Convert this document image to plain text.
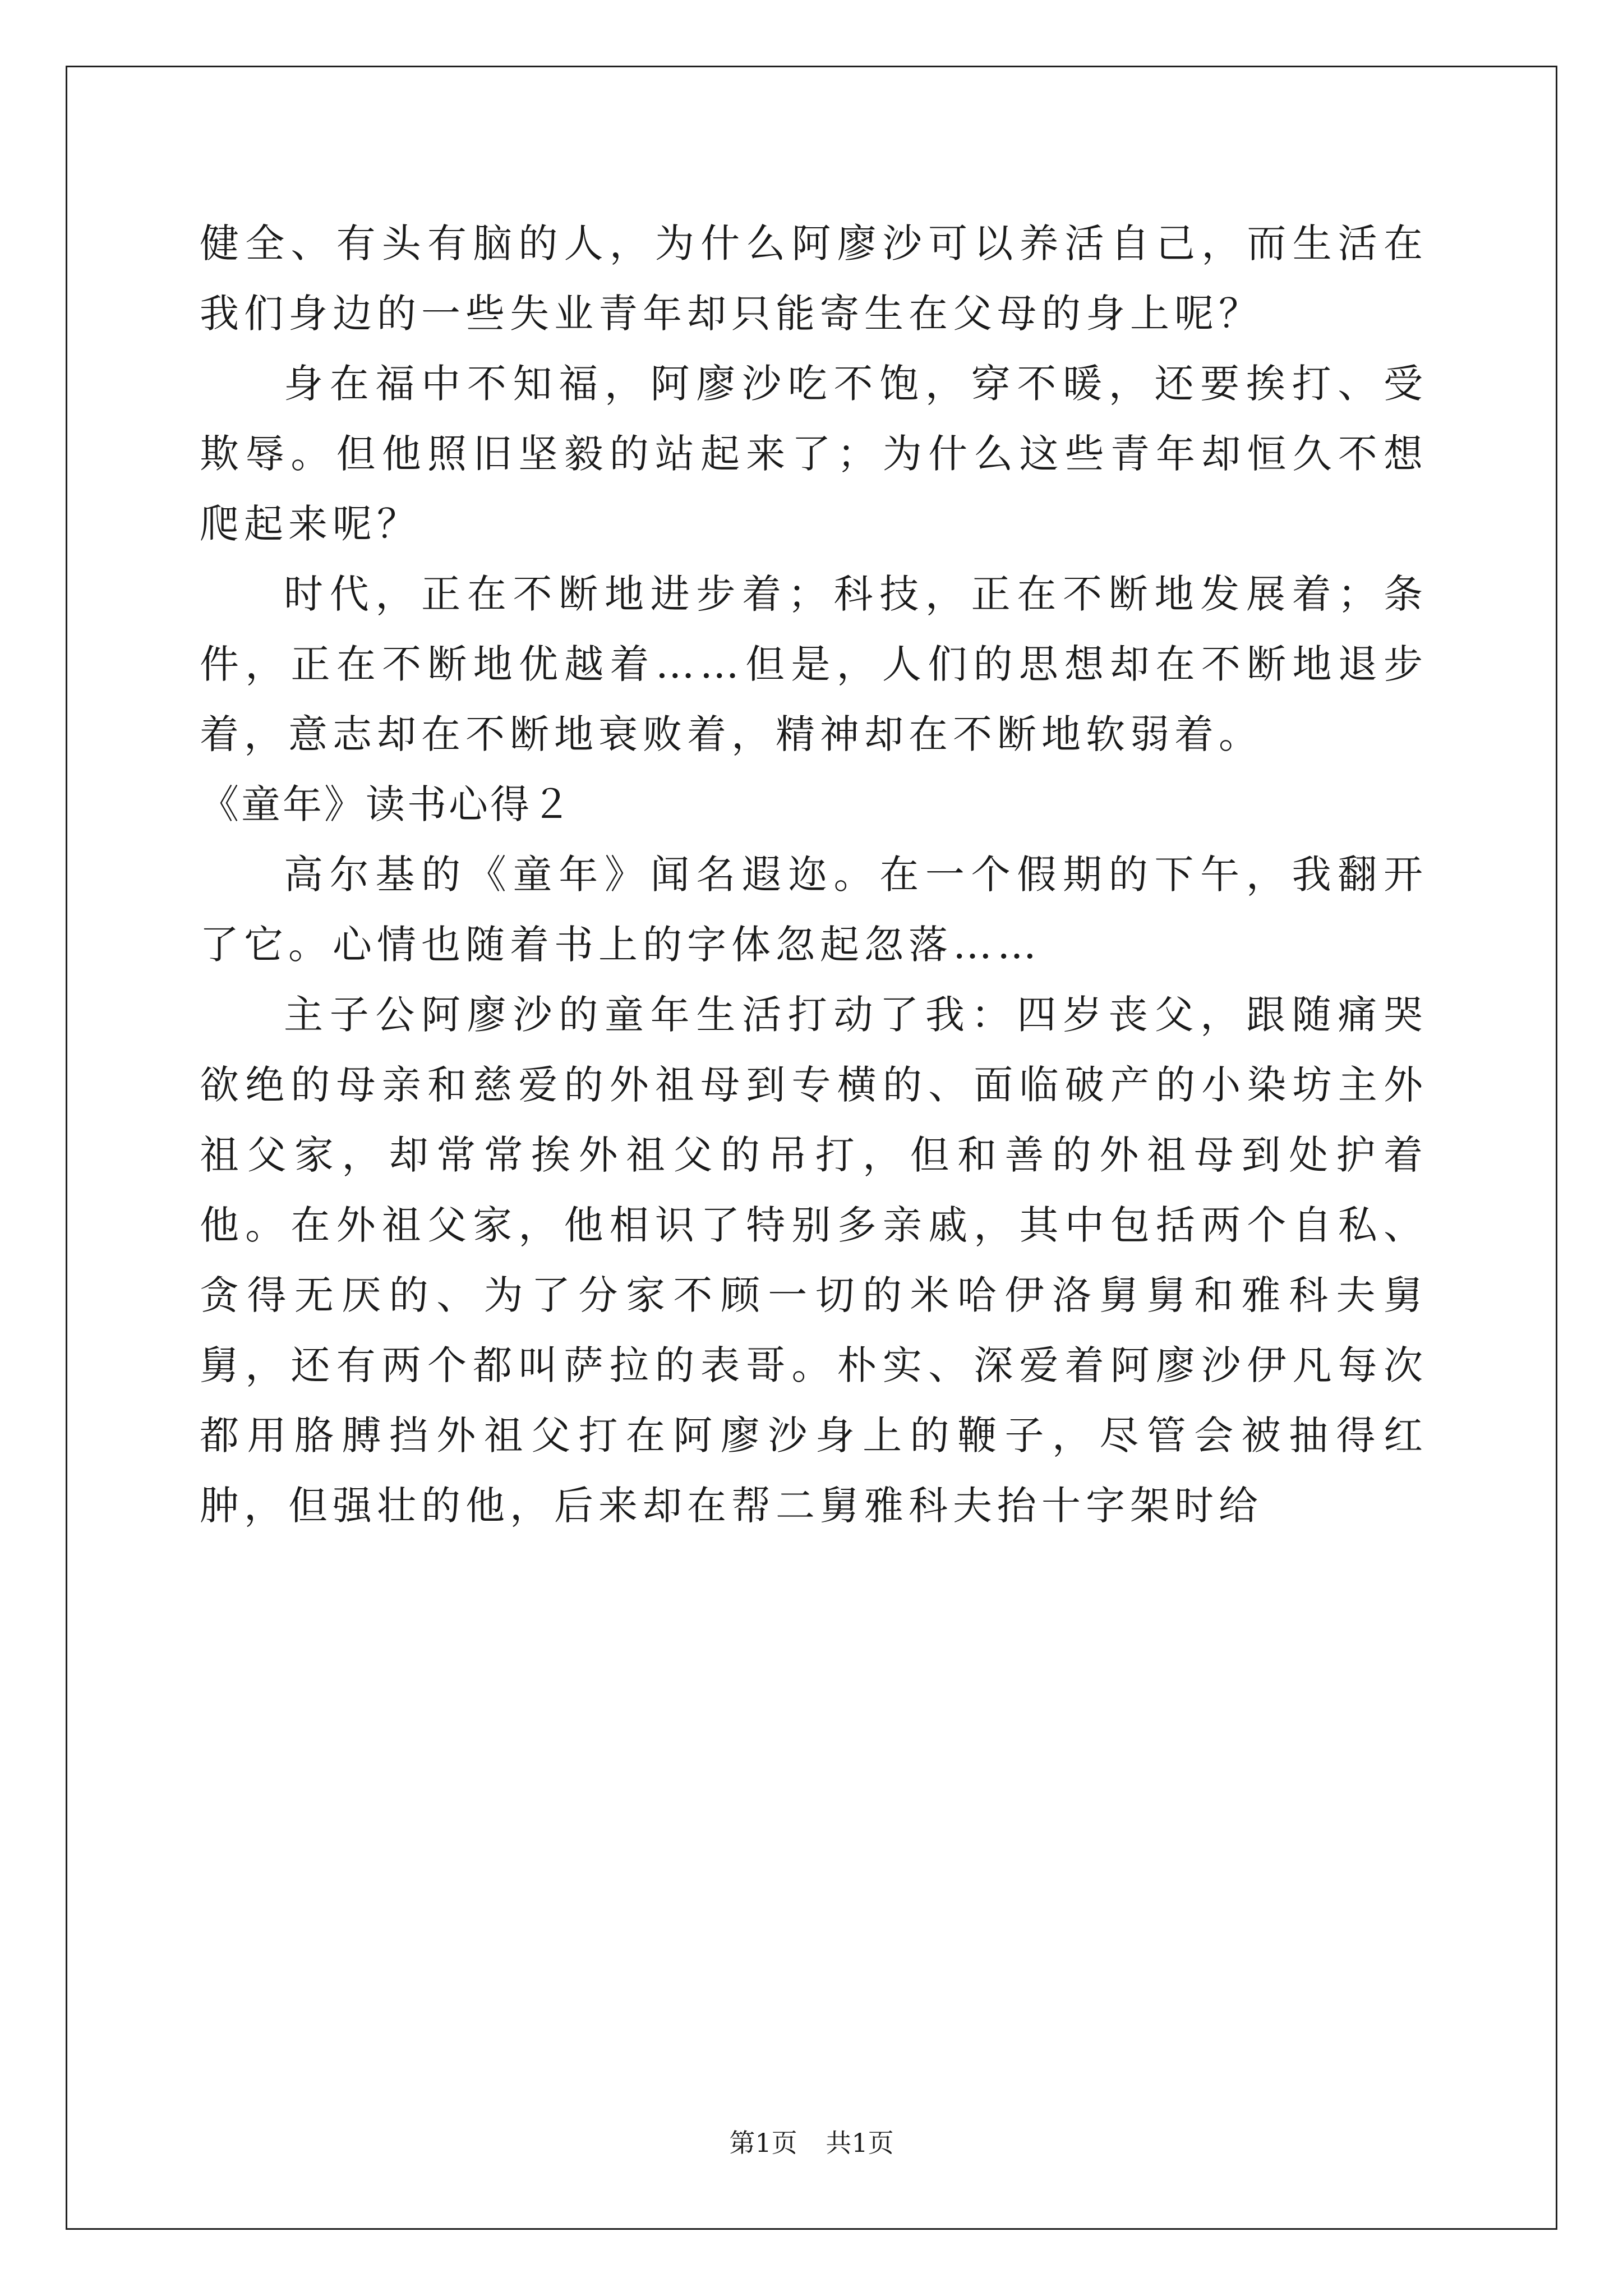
健全、有头有脑的人，为什么阿廖沙可以养活自己，而生活在我们身边的一些失业青年却只能寄生在父母的身上呢？

身在福中不知福，阿廖沙吃不饱，穿不暖，还要挨打、受欺辱。但他照旧坚毅的站起来了；为什么这些青年却恒久不想爬起来呢？

时代，正在不断地进步着；科技，正在不断地发展着；条件，正在不断地优越着……但是，人们的思想却在不断地退步着，意志却在不断地衰败着，精神却在不断地软弱着。

《童年》读书心得２

高尔基的《童年》闻名遐迩。在一个假期的下午，我翻开了它。心情也随着书上的字体忽起忽落……

主子公阿廖沙的童年生活打动了我：四岁丧父，跟随痛哭欲绝的母亲和慈爱的外祖母到专横的、面临破产的小染坊主外祖父家，却常常挨外祖父的吊打，但和善的外祖母到处护着他。在外祖父家，他相识了特别多亲戚，其中包括两个自私、贪得无厌的、为了分家不顾一切的米哈伊洛舅舅和雅科夫舅舅，还有两个都叫萨拉的表哥。朴实、深爱着阿廖沙伊凡每次都用胳膊挡外祖父打在阿廖沙身上的鞭子，尽管会被抽得红肿，但强壮的他，后来却在帮二舅雅科夫抬十字架时给

第1页 共1页
